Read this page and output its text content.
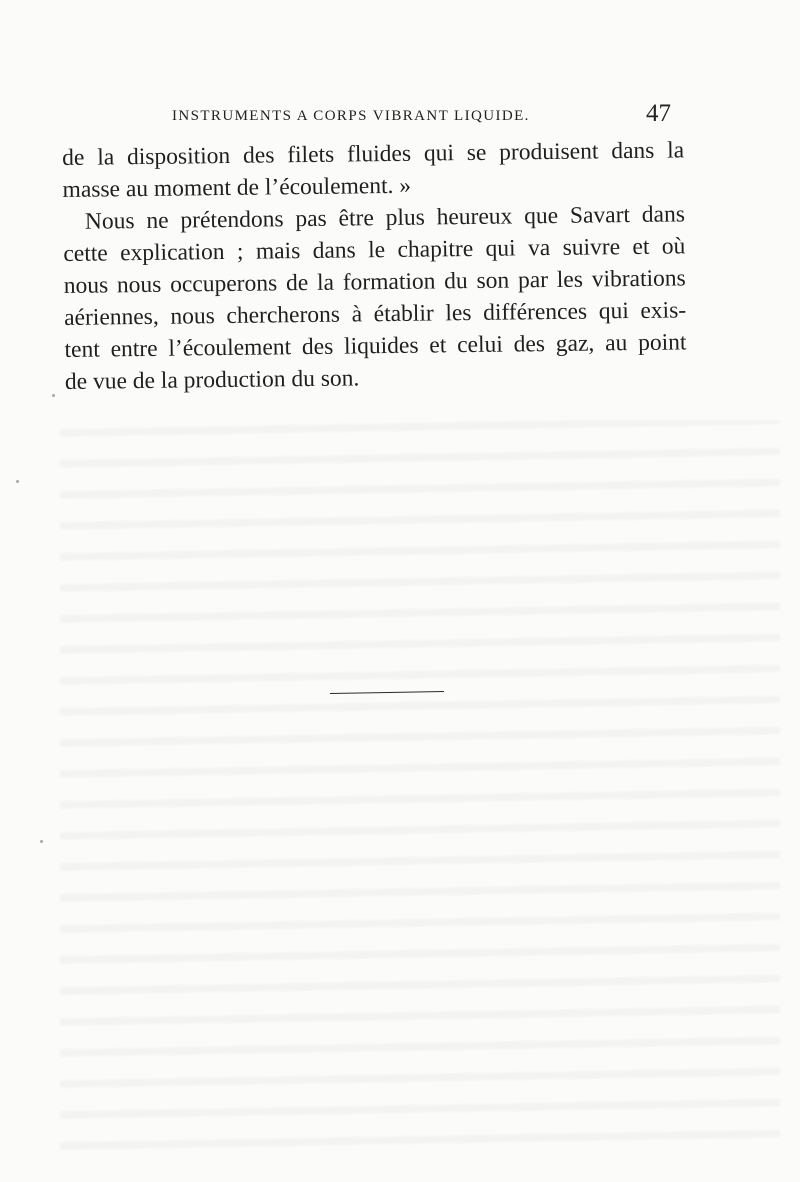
INSTRUMENTS A CORPS VIBRANT LIQUIDE.	47
de la disposition des filets fluides qui se produisent dans la
masse au moment de l’écoulement. »
Nous ne prétendons pas être plus heureux que Savart dans
cette explication ; mais dans le chapitre qui va suivre et où
nous nous occuperons de la formation du son par les vibrations
aériennes, nous chercherons à établir les différences qui exis-
tent entre l’écoulement des liquides et celui des gaz, au point
de vue de la production du son.
